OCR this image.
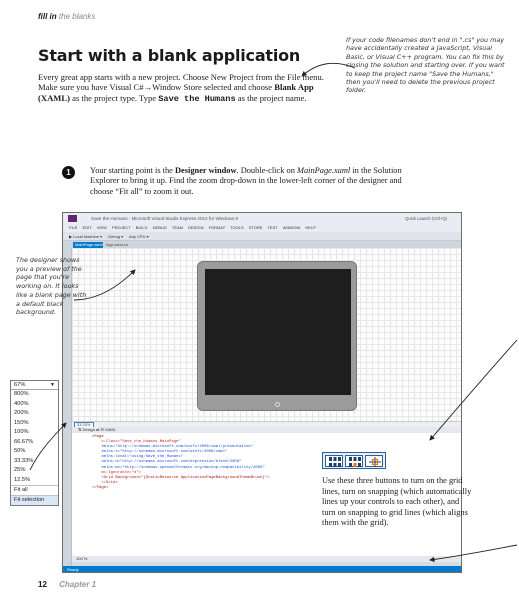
fill in the blanks
Start with a blank application

Every great app starts with a new project. Choose New Project from the File menu. Make sure you have Visual C#→Window Store selected and choose Blank App (XAML) as the project type. Type Save the Humans as the project name.

If your code filenames don't end in ".cs" you may have accidentally created a JavaScript, Visual Basic, or Visual C++ program. You can fix this by closing the solution and starting over. If you want to keep the project name "Save the Humans," then you'll need to delete the previous project folder.
1	Your starting point is the Designer window. Double-click on MainPage.xaml in the Solution Explorer to bring it up. Find the zoom drop-down in the lower-left corner of the designer and choose “Fit all” to zoom it out.

Save the Humans - Microsoft Visual Studio Express 2012 for Windows 8	Quick Launch (Ctrl+Q)
FILE EDIT VIEW PROJECT BUILD DEBUG TEAM DESIGN FORMAT TOOLS STORE TEST WINDOW HELP
▶ Local Machine ▾ Debug ▾ Any CPU ▾
MainPage.xaml App.xaml.cs
33.33%
⇅ Design ⇄ ⊟ XAML
<Page
x:Class="Save_the_Humans.MainPage"
xmlns="http://schemas.microsoft.com/winfx/2006/xaml/presentation"
xmlns:x="http://schemas.microsoft.com/winfx/2006/xaml"
xmlns:local="using:Save_the_Humans"
xmlns:d="http://schemas.microsoft.com/expression/blend/2008"
xmlns:mc="http://schemas.openxmlformats.org/markup-compatibility/2006"
mc:Ignorable="d">
<Grid Background="{StaticResource ApplicationPageBackgroundThemeBrush}">
</Grid>
</Page>
100 %
Ready
The designer shows you a preview of the page that you're working on. It looks like a blank page with a default black background.
67%	▼
800%
400%
200%
150%
100%
66.67%
50%
33.33%
25%
12.5%
Fit all
Fit selection

Use these three buttons to turn on the grid lines, turn on snapping (which automatically lines up your controls to each other), and turn on snapping to grid lines (which aligns them with the grid).

12 Chapter 1
